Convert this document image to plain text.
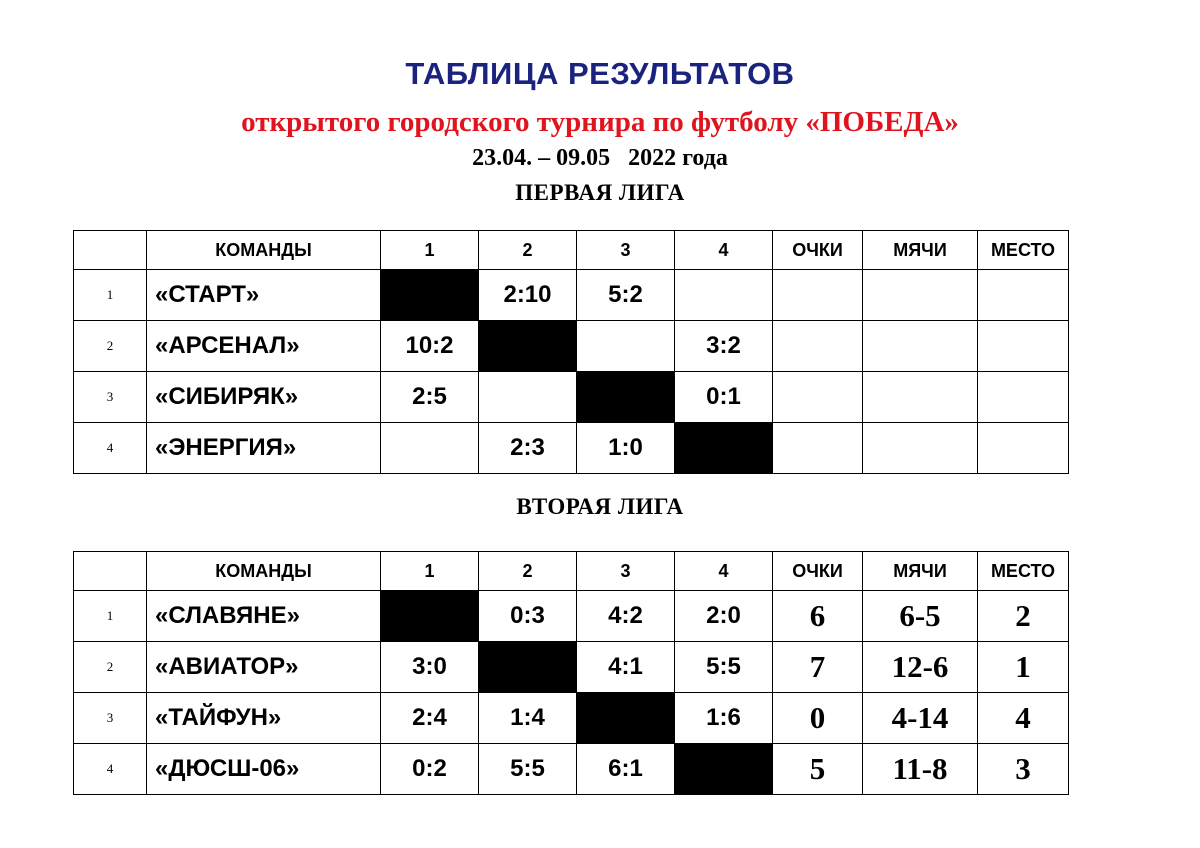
ТАБЛИЦА РЕЗУЛЬТАТОВ
открытого городского турнира по футболу «ПОБЕДА»
23.04. – 09.05   2022 года
ПЕРВАЯ ЛИГА
	КОМАНДЫ	1	2	3	4	ОЧКИ	МЯЧИ	МЕСТО
1	«СТАРТ»		2:10	5:2				
2	«АРСЕНАЛ»	10:2			3:2			
3	«СИБИРЯК»	2:5			0:1			
4	«ЭНЕРГИЯ»		2:3	1:0				
ВТОРАЯ ЛИГА
	КОМАНДЫ	1	2	3	4	ОЧКИ	МЯЧИ	МЕСТО
1	«СЛАВЯНЕ»		0:3	4:2	2:0	6	6-5	2
2	«АВИАТОР»	3:0		4:1	5:5	7	12-6	1
3	«ТАЙФУН»	2:4	1:4		1:6	0	4-14	4
4	«ДЮСШ-06»	0:2	5:5	6:1		5	11-8	3
